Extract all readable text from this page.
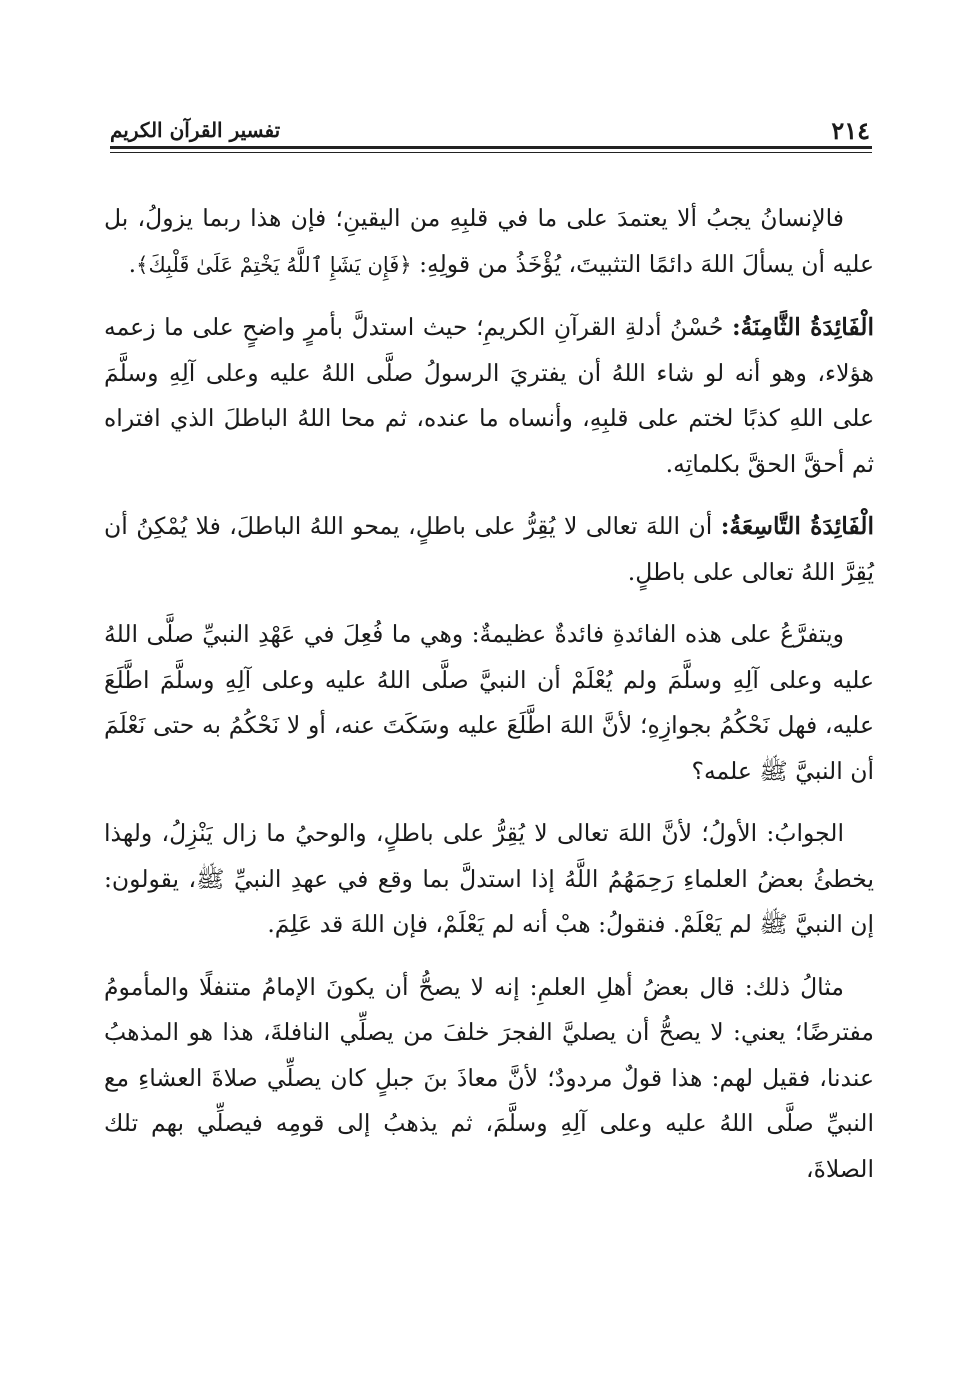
٢١٤
تفسير القرآن الكريم

فالإنسانُ يجبُ ألا يعتمدَ على ما في قلبِهِ من اليقينِ؛ فإن هذا ربما يزولُ، بل عليه أن يسألَ اللهَ دائمًا التثبيتَ، يُؤْخَذُ من قولِهِ: ﴿فَإِن يَشَإِ ٱللَّهُ يَخْتِمْ عَلَىٰ قَلْبِكَ﴾.

الْفَائِدَةُ الثَّامِنَةُ: حُسْنُ أدلةِ القرآنِ الكريمِ؛ حيث استدلَّ بأمرٍ واضحٍ على ما زعمه هؤلاء، وهو أنه لو شاء اللهُ أن يفتريَ الرسولُ صلَّى اللهُ عليه وعلى آلِهِ وسلَّمَ على اللهِ كذبًا لختم على قلبِهِ، وأنساه ما عنده، ثم محا اللهُ الباطلَ الذي افتراه ثم أحقَّ الحقَّ بكلماتِه.

الْفَائِدَةُ التَّاسِعَةُ: أن اللهَ تعالى لا يُقِرُّ على باطلٍ، يمحو اللهُ الباطلَ، فلا يُمْكِنُ أن يُقِرَّ اللهُ تعالى على باطلٍ.

ويتفرَّعُ على هذه الفائدةِ فائدةٌ عظيمةٌ: وهي ما فُعِلَ في عَهْدِ النبيِّ صلَّى اللهُ عليه وعلى آلِهِ وسلَّمَ ولم يُعْلَمْ أن النبيَّ صلَّى اللهُ عليه وعلى آلِهِ وسلَّمَ اطَّلَعَ عليه، فهل نَحْكُمُ بجوازِهِ؛ لأنَّ اللهَ اطَّلَعَ عليه وسَكَتَ عنه، أو لا نَحْكُمُ به حتى نَعْلَمَ أن النبيَّ ﷺ علمه؟

الجوابُ: الأولُ؛ لأنَّ اللهَ تعالى لا يُقِرُّ على باطلٍ، والوحيُ ما زال يَنْزِلُ، ولهذا يخطئُ بعضُ العلماءِ رَحِمَهُمُ اللَّهُ إذا استدلَّ بما وقع في عهدِ النبيِّ ﷺ، يقولون: إن النبيَّ ﷺ لم يَعْلَمْ. فنقولُ: هبْ أنه لم يَعْلَمْ، فإن اللهَ قد عَلِمَ.

مثالُ ذلك: قال بعضُ أهلِ العلمِ: إنه لا يصحُّ أن يكونَ الإمامُ متنفلًا والمأمومُ مفترضًا؛ يعني: لا يصحُّ أن يصليَّ الفجرَ خلفَ من يصلِّي النافلةَ، هذا هو المذهبُ عندنا، فقيل لهم: هذا قولٌ مردودٌ؛ لأنَّ معاذَ بنَ جبلٍ كان يصلِّي صلاةَ العشاءِ مع النبيِّ صلَّى اللهُ عليه وعلى آلِهِ وسلَّمَ، ثم يذهبُ إلى قومِه فيصلِّي بهم تلك الصلاةَ،
